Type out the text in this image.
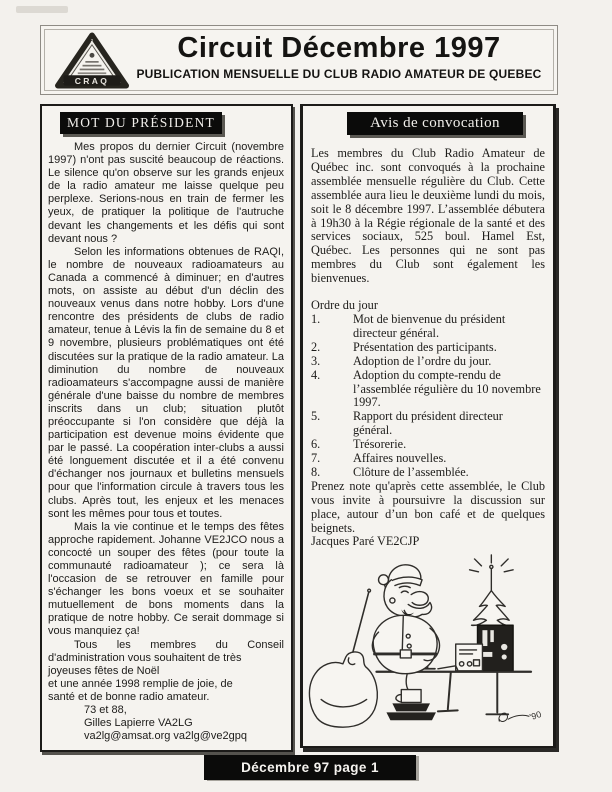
CRAQ
2	Circuit Décembre 1997
PUBLICATION MENSUELLE DU CLUB RADIO AMATEUR DE QUEBEC
MOT DU PRÉSIDENT

Mes propos du dernier Circuit (novembre 1997) n'ont pas suscité beaucoup de réactions. Le silence qu'on observe sur les grands enjeux de la radio amateur me laisse quelque peu perplexe. Serions-nous en train de fermer les yeux, de pratiquer la politique de l'autruche devant les changements et les défis qui sont devant nous ?

Selon les informations obtenues de RAQI, le nombre de nouveaux radioamateurs au Canada a commencé à diminuer; en d'autres mots, on assiste au début d'un déclin des nouveaux venus dans notre hobby. Lors d'une rencontre des présidents de clubs de radio amateur, tenue à Lévis la fin de semaine du 8 et 9 novembre, plusieurs problématiques ont été discutées sur la pratique de la radio amateur. La diminution du nombre de nouveaux radioamateurs s'accompagne aussi de manière générale d'une baisse du nombre de membres inscrits dans un club; situation plutôt préoccupante si l'on considère que déjà la participation est devenue moins évidente que par le passé. La coopération inter-clubs a aussi été longuement discutée et il a été convenu d'échanger nos journaux et bulletins mensuels pour que l'information circule à travers tous les clubs. Après tout, les enjeux et les menaces sont les mêmes pour tous et toutes.

Mais la vie continue et le temps des fêtes approche rapidement. Johanne VE2JCO nous a concocté un souper des fêtes (pour toute la communauté radioamateur ); ce sera là l'occasion de se retrouver en famille pour s'échanger les bons voeux et se souhaiter mutuellement de bons moments dans la pratique de notre hobby. Ce serait dommage si vous manquiez ça!

Tous les membres du Conseil d'administration vous souhaitent de très

joyeuses fêtes de Noël
et une année 1998 remplie de joie, de
santé et de bonne radio amateur.
73 et 88,
Gilles Lapierre VA2LG
va2lg@amsat.org va2lg@ve2gpq
Avis de convocation

Les membres du Club Radio Amateur de Québec inc. sont convoqués à la prochaine assemblée mensuelle régulière du Club. Cette assemblée aura lieu le deuxième lundi du mois, soit le 8 décembre 1997. L’assemblée débutera à 19h30 à la Régie régionale de la santé et des services sociaux, 525 boul. Hamel Est, Québec. Les personnes qui ne sont pas membres du Club sont également les bienvenues.

Ordre du jour
1.	Mot de bienvenue du président directeur général.
2.	Présentation des participants.
3.	Adoption de l’ordre du jour.
4.	Adoption du compte-rendu de l’assemblée régulière du 10 novembre 1997.
5.	Rapport du président directeur général.
6.	Trésorerie.
7.	Affaires nouvelles.
8.	Clôture de l’assemblée.

Prenez note qu'après cette assemblée, le Club vous invite à poursuivre la discussion sur place, autour d’un bon café et de quelques beignets.

Jacques Paré VE2CJP
'90
Décembre 97 page 1
